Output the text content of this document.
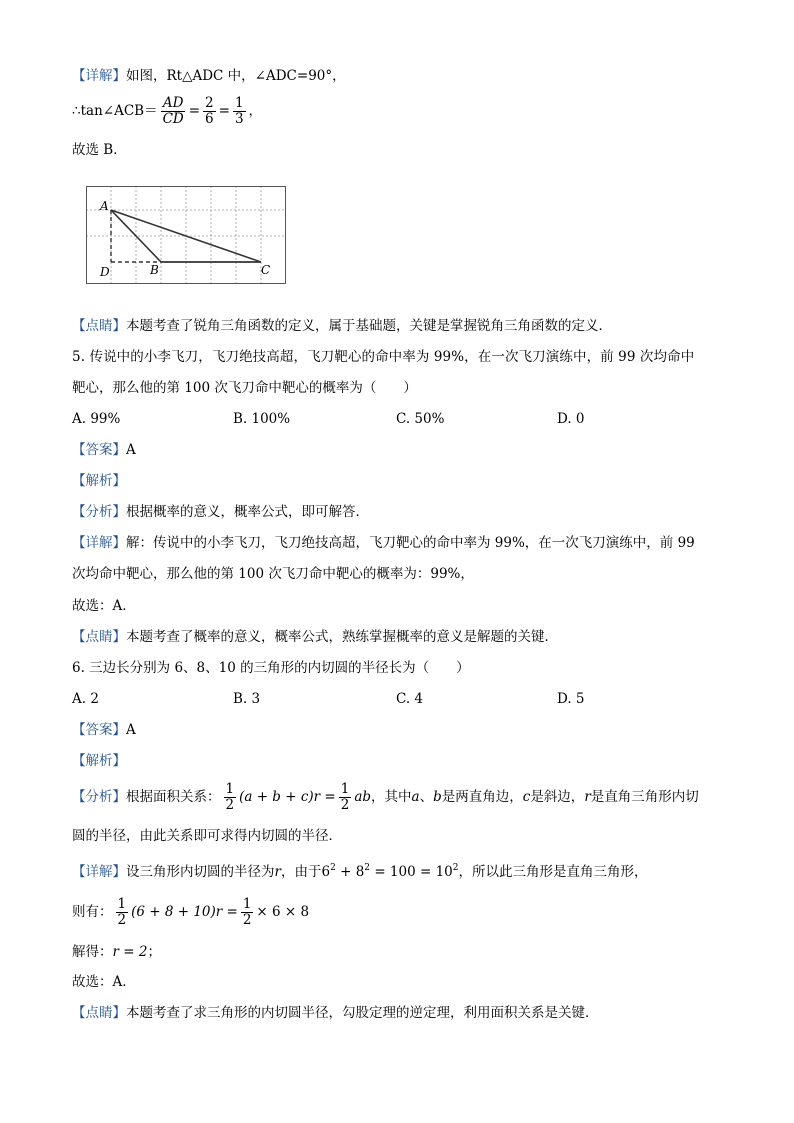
【详解】如图，Rt△ADC 中，∠ADC=90°，
∴tan∠ACB＝ $\frac{AD}{CD} = \frac{2}{6} = \frac{1}{3}$ ，
故选 B．
A
D	B	C
【点睛】本题考查了锐角三角函数的定义，属于基础题，关键是掌握锐角三角函数的定义．
5. 传说中的小李飞刀，飞刀绝技高超，飞刀靶心的命中率为 99%，在一次飞刀演练中，前 99 次均命中
靶心，那么他的第 100 次飞刀命中靶心的概率为（　　）
A. 99%	B. 100%	C. 50%	D. 0
【答案】A
【解析】
【分析】根据概率的意义，概率公式，即可解答．
【详解】解：传说中的小李飞刀，飞刀绝技高超，飞刀靶心的命中率为 99%，在一次飞刀演练中，前 99
次均命中靶心，那么他的第 100 次飞刀命中靶心的概率为：99%，
故选：A．
【点睛】本题考查了概率的意义，概率公式，熟练掌握概率的意义是解题的关键．
6. 三边长分别为 6、8、10 的三角形的内切圆的半径长为（　　）
A. 2	B. 3	C. 4	D. 5
【答案】A
【解析】
【分析】根据面积关系： $\frac{1}{2} (a + b + c)r = \frac{1}{2}$ ab，其中a、b是两直角边，c是斜边，r是直角三角形内切
圆的半径，由此关系即可求得内切圆的半径．
【详解】设三角形内切圆的半径为r，由于$6^2 + 8^2 = 100 = 10^2$，所以此三角形是直角三角形，
则有： $\frac{1}{2} (6 + 8 + 10)r = \frac{1}{2} \times 6 \times 8$
解得：r = 2；
故选：A．
【点睛】本题考查了求三角形的内切圆半径，勾股定理的逆定理，利用面积关系是关键．
